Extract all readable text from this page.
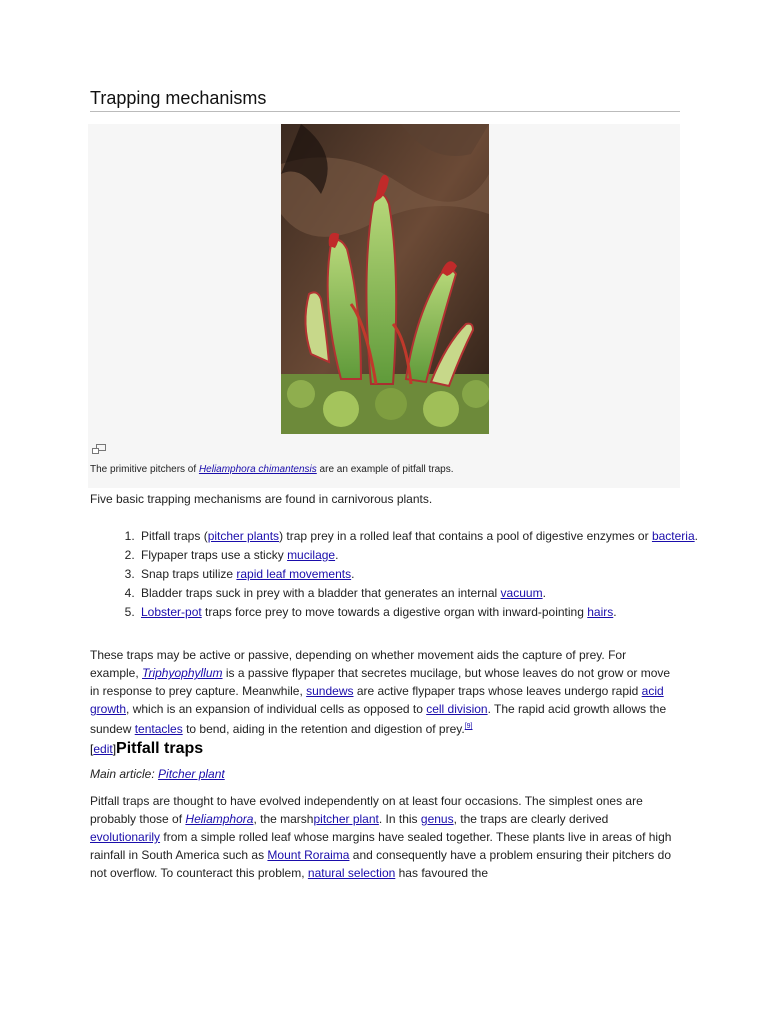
Trapping mechanisms
The primitive pitchers of Heliamphora chimantensis are an example of pitfall traps.

Five basic trapping mechanisms are found in carnivorous plants.

1. Pitfall traps (pitcher plants) trap prey in a rolled leaf that contains a pool of digestive enzymes or bacteria.
2. Flypaper traps use a sticky mucilage.
3. Snap traps utilize rapid leaf movements.
4. Bladder traps suck in prey with a bladder that generates an internal vacuum.
5. Lobster-pot traps force prey to move towards a digestive organ with inward-pointing hairs.

These traps may be active or passive, depending on whether movement aids the capture of prey. For example, Triphyophyllum is a passive flypaper that secretes mucilage, but whose leaves do not grow or move in response to prey capture. Meanwhile, sundews are active flypaper traps whose leaves undergo rapid acid growth, which is an expansion of individual cells as opposed to cell division. The rapid acid growth allows the sundew tentacles to bend, aiding in the retention and digestion of prey.[9]

[edit]Pitfall traps

Main article: Pitcher plant

Pitfall traps are thought to have evolved independently on at least four occasions. The simplest ones are probably those of Heliamphora, the marshpitcher plant. In this genus, the traps are clearly derived evolutionarily from a simple rolled leaf whose margins have sealed together. These plants live in areas of high rainfall in South America such as Mount Roraima and consequently have a problem ensuring their pitchers do not overflow. To counteract this problem, natural selection has favoured the
